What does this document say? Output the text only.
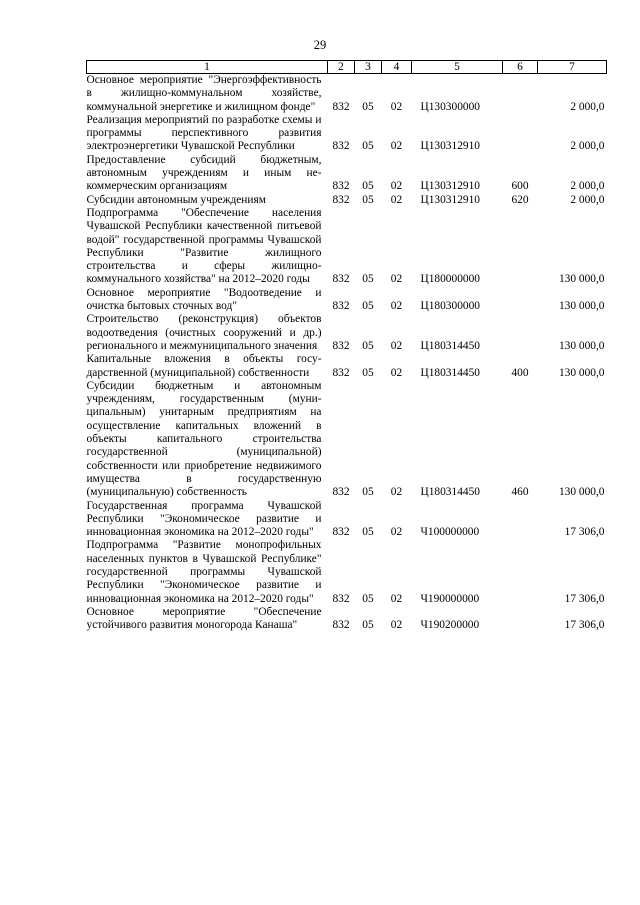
29
1	2	3	4	5	6	7
Основное мероприятие "Энергоэффективность в жилищно-коммунальном хозяйстве, коммунальной энергетике и жилищном фонде"	832	05	02	Ц130300000		2 000,0
Реализация мероприятий по разработке схемы и программы перспективного развития электроэнергетики Чувашской Республики	832	05	02	Ц130312910		2 000,0
Предоставление субсидий бюджетным, автономным учреждениям и иным некоммерческим организациям	832	05	02	Ц130312910	600	2 000,0
Субсидии автономным учреждениям	832	05	02	Ц130312910	620	2 000,0
Подпрограмма "Обеспечение населения Чувашской Республики качественной питьевой водой" государственной программы Чувашской Республики "Развитие жилищного строительства и сферы жилищно-коммунального хозяйства" на 2012–2020 годы	832	05	02	Ц180000000		130 000,0
Основное мероприятие "Водоотведение и очистка бытовых сточных вод"	832	05	02	Ц180300000		130 000,0
Строительство (реконструкция) объектов водоотведения (очистных сооружений и др.) регионального и межмуниципального значения	832	05	02	Ц180314450		130 000,0
Капитальные вложения в объекты государственной (муниципальной) собственности	832	05	02	Ц180314450	400	130 000,0
Субсидии бюджетным и автономным учреждениям, государственным (муниципальным) унитарным предприятиям на осуществление капитальных вложений в объекты капитального строительства государственной (муниципальной) собственности или приобретение недвижимого имущества в государственную (муниципальную) собственность	832	05	02	Ц180314450	460	130 000,0
Государственная программа Чувашской Республики "Экономическое развитие и инновационная экономика на 2012–2020 годы"	832	05	02	Ч100000000		17 306,0
Подпрограмма "Развитие монопрофильных населенных пунктов в Чувашской Республике" государственной программы Чувашской Республики "Экономическое развитие и инновационная экономика на 2012–2020 годы"	832	05	02	Ч190000000		17 306,0
Основное мероприятие "Обеспечение устойчивого развития моногорода Канаша"	832	05	02	Ч190200000		17 306,0
